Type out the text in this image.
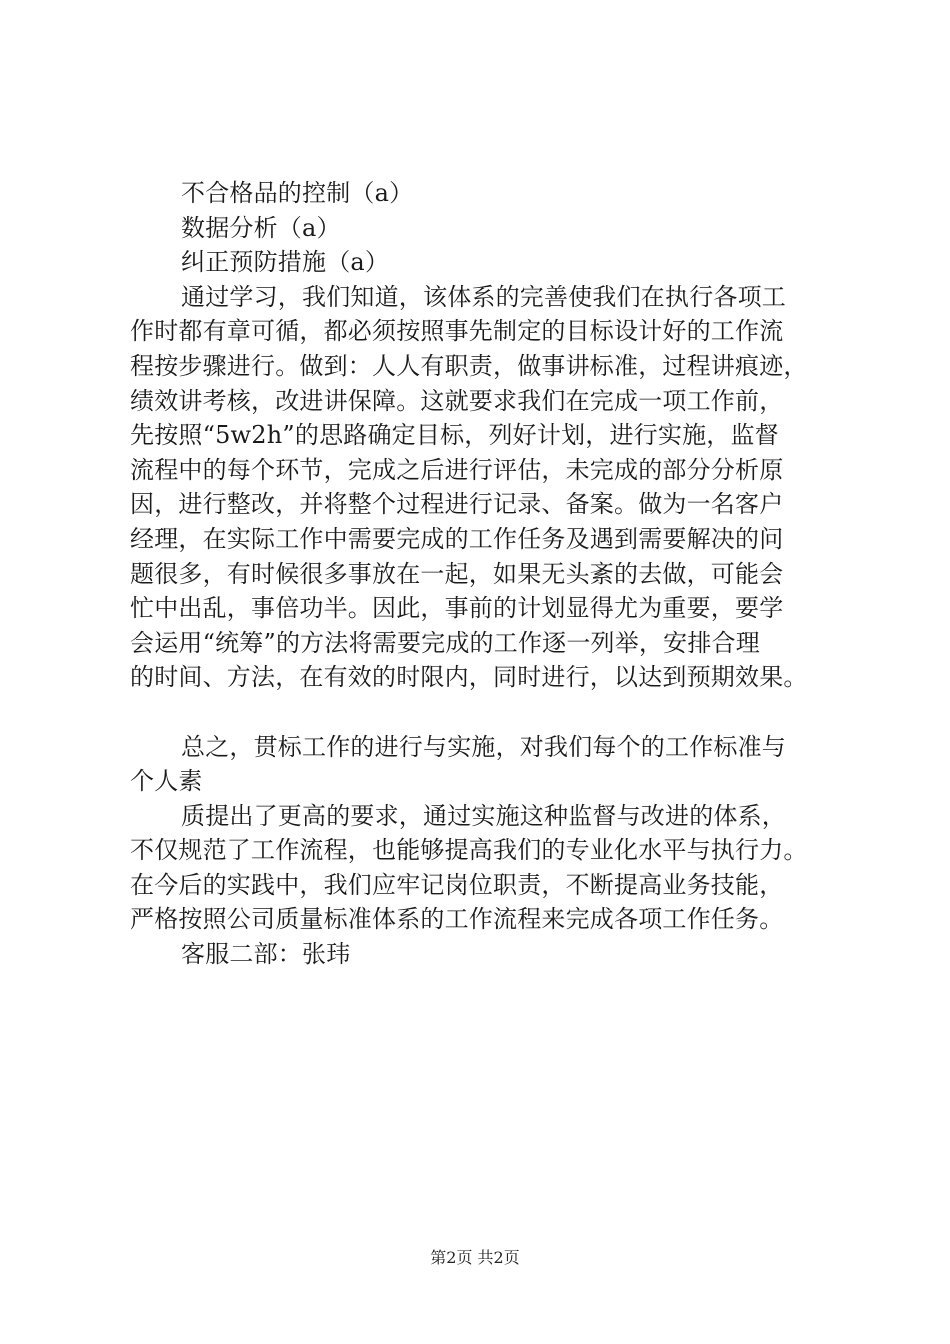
不合格品的控制（a）
数据分析（a）
纠正预防措施（a）
通过学习，我们知道，该体系的完善使我们在执行各项工
作时都有章可循，都必须按照事先制定的目标设计好的工作流
程按步骤进行。做到：人人有职责，做事讲标准，过程讲痕迹，
绩效讲考核，改进讲保障。这就要求我们在完成一项工作前，
先按照“5w2h”的思路确定目标，列好计划，进行实施，监督
流程中的每个环节，完成之后进行评估，未完成的部分分析原
因，进行整改，并将整个过程进行记录、备案。做为一名客户
经理，在实际工作中需要完成的工作任务及遇到需要解决的问
题很多，有时候很多事放在一起，如果无头紊的去做，可能会
忙中出乱，事倍功半。因此，事前的计划显得尤为重要，要学
会运用“统筹”的方法将需要完成的工作逐一列举，安排合理
的时间、方法，在有效的时限内，同时进行，以达到预期效果。
总之，贯标工作的进行与实施，对我们每个的工作标准与
个人素
质提出了更高的要求，通过实施这种监督与改进的体系，
不仅规范了工作流程，也能够提高我们的专业化水平与执行力。
在今后的实践中，我们应牢记岗位职责，不断提高业务技能，
严格按照公司质量标准体系的工作流程来完成各项工作任务。
客服二部：张玮
第2页 共2页
